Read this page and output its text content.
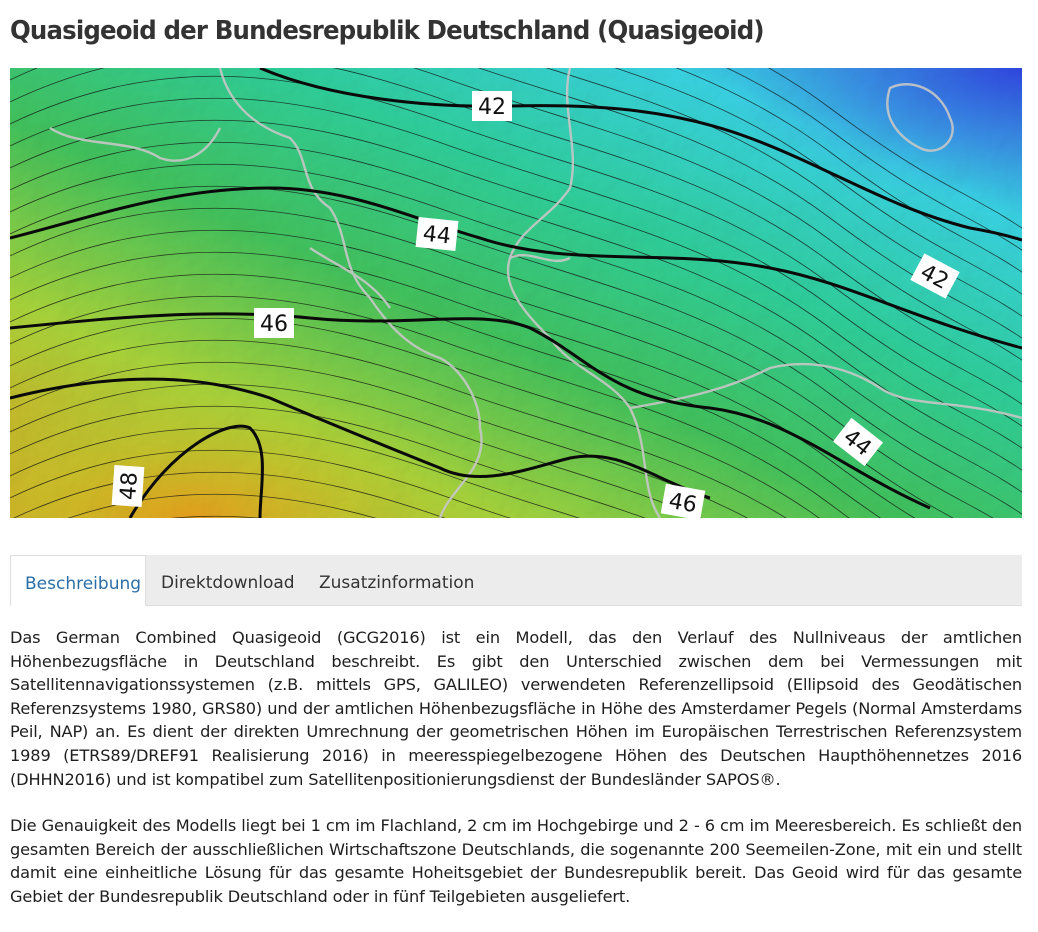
Quasigeoid der Bundesrepublik Deutschland (Quasigeoid)
42
42
44
44
46
46
48
Beschreibung Direktdownload Zusatzinformation

Das German Combined Quasigeoid (GCG2016) ist ein Modell, das den Verlauf des Nullniveaus der amtlichen Höhenbezugsfläche in Deutschland beschreibt. Es gibt den Unterschied zwischen dem bei Vermessungen mit Satellitennavigationssystemen (z.B. mittels GPS, GALILEO) verwendeten Referenzellipsoid (Ellipsoid des Geodätischen Referenzsystems 1980, GRS80) und der amtlichen Höhenbezugsfläche in Höhe des Amsterdamer Pegels (Normal Amsterdams Peil, NAP) an. Es dient der direkten Umrechnung der geometrischen Höhen im Europäischen Terrestrischen Referenzsystem 1989 (ETRS89/DREF91 Realisierung 2016) in meeresspiegelbezogene Höhen des Deutschen Haupthöhennetzes 2016 (DHHN2016) und ist kompatibel zum Satellitenpositionierungsdienst der Bundesländer SAPOS®.

Die Genauigkeit des Modells liegt bei 1 cm im Flachland, 2 cm im Hochgebirge und 2 - 6 cm im Meeresbereich. Es schließt den gesamten Bereich der ausschließlichen Wirtschaftszone Deutschlands, die sogenannte 200 Seemeilen-Zone, mit ein und stellt damit eine einheitliche Lösung für das gesamte Hoheitsgebiet der Bundesrepublik bereit. Das Geoid wird für das gesamte Gebiet der Bundesrepublik Deutschland oder in fünf Teilgebieten ausgeliefert.
